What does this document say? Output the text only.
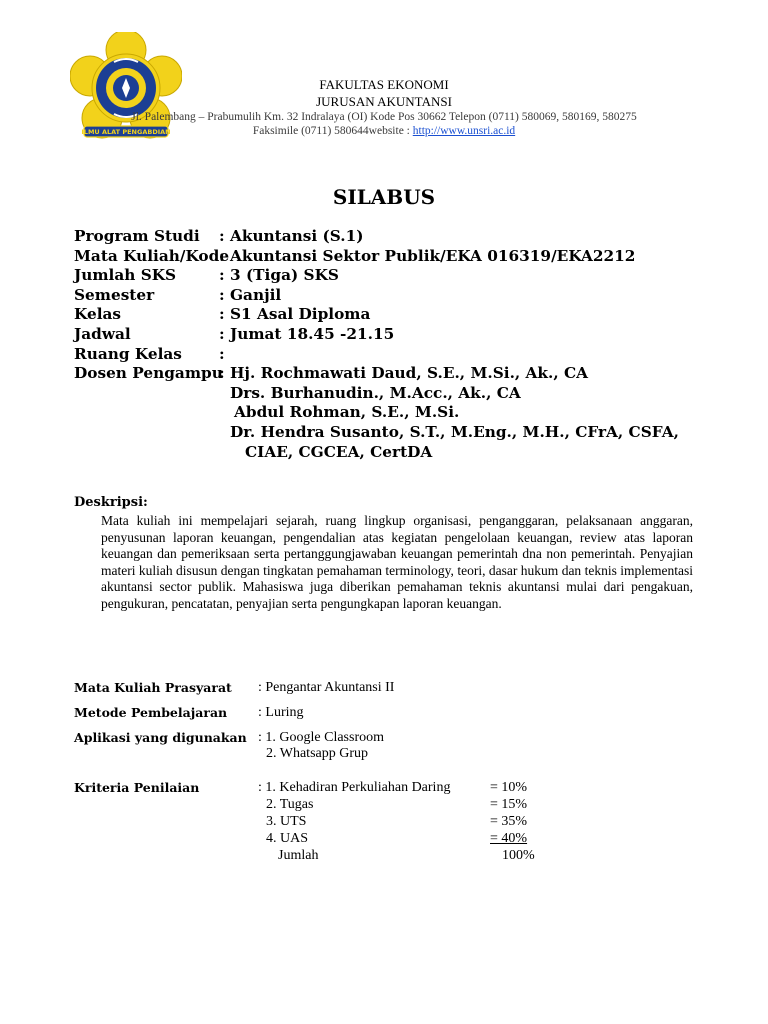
ILMU ALAT PENGABDIAN
FAKULTAS EKONOMI
JURUSAN AKUNTANSI
Jl. Palembang – Prabumulih Km. 32 Indralaya (OI) Kode Pos 30662 Telepon (0711) 580069, 580169, 580275
Faksimile (0711) 580644website : http://www.unsri.ac.id
SILABUS
Program Studi : Akuntansi (S.1)
Mata Kuliah/Kode
: Akuntansi Sektor Publik/EKA 016319/EKA2212
Jumlah SKS	: 3 (Tiga) SKS
Semester	: Ganjil
Kelas	: S1 Asal Diploma
Jadwal	: Jumat 18.45 -21.15
Ruang Kelas :
Dosen Pengampu
: Hj. Rochmawati Daud, S.E., M.Si., Ak., CA
Drs. Burhanudin., M.Acc., Ak., CA
Abdul Rohman, S.E., M.Si.
Dr. Hendra Susanto, S.T., M.Eng., M.H., CFrA, CSFA,
CIAE, CGCEA, CertDA
Deskripsi:
Mata kuliah ini mempelajari sejarah, ruang lingkup organisasi, penganggaran, pelaksanaan anggaran, penyusunan laporan keuangan, pengendalian atas kegiatan pengelolaan keuangan, review atas laporan keuangan dan pemeriksaan serta pertanggungjawaban keuangan pemerintah dna non pemerintah. Penyajian materi kuliah disusun dengan tingkatan pemahaman terminology, teori, dasar hukum dan teknis implementasi akuntansi sector publik. Mahasiswa juga diberikan pemahaman teknis akuntansi mulai dari pengakuan, pengukuran, pencatatan, penyajian serta pengungkapan laporan keuangan.
Mata Kuliah Prasyarat : Pengantar Akuntansi II
Metode Pembelajaran : Luring
Aplikasi yang digunakan : 1. Google Classroom
2. Whatsapp Grup
Kriteria Penilaian	: 1. Kehadiran Perkuliahan Daring	= 10%
2. Tugas	= 15%
3. UTS	= 35%
4. UAS	= 40%
Jumlah	100%
